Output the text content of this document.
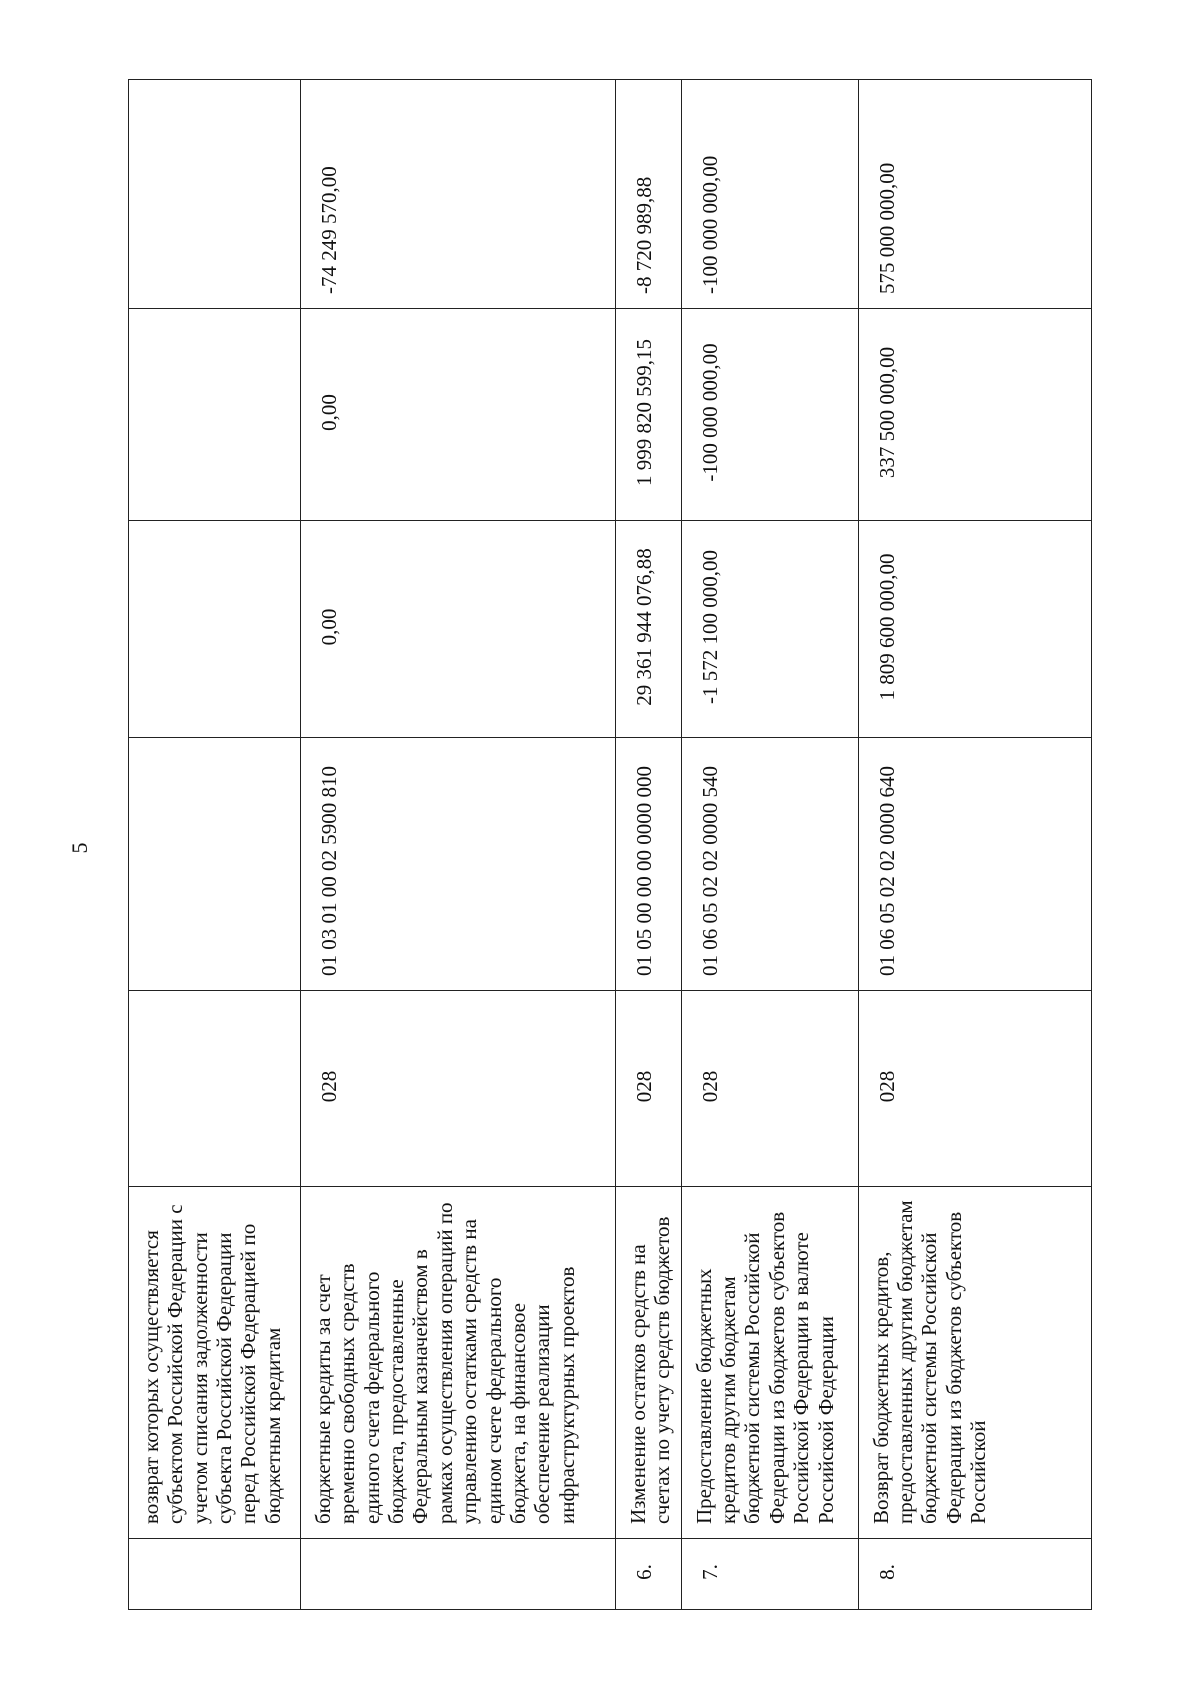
5
	возврат которых осуществляется субъектом Российской Федерации с учетом списания задолженности субъекта Российской Федерации перед Российской Федерацией по бюджетным кредитам					
	бюджетные кредиты за счет временно свободных средств единого счета федерального бюджета, предоставленные Федеральным казначейством в рамках осуществления операций по управлению остатками средств на едином счете федерального бюджета, на финансовое обеспечение реализации инфраструктурных проектов	028	01 03 01 00 02 5900 810	0,00	0,00	-74 249 570,00
6.	Изменение остатков средств на счетах по учету средств бюджетов	028	01 05 00 00 00 0000 000	29 361 944 076,88	1 999 820 599,15	-8 720 989,88
7.	Предоставление бюджетных кредитов другим бюджетам бюджетной системы Российской Федерации из бюджетов субъектов Российской Федерации в валюте Российской Федерации	028	01 06 05 02 02 0000 540	-1 572 100 000,00	-100 000 000,00	-100 000 000,00
8.	Возврат бюджетных кредитов, предоставленных другим бюджетам бюджетной системы Российской Федерации из бюджетов субъектов Российской	028	01 06 05 02 02 0000 640	1 809 600 000,00	337 500 000,00	575 000 000,00
